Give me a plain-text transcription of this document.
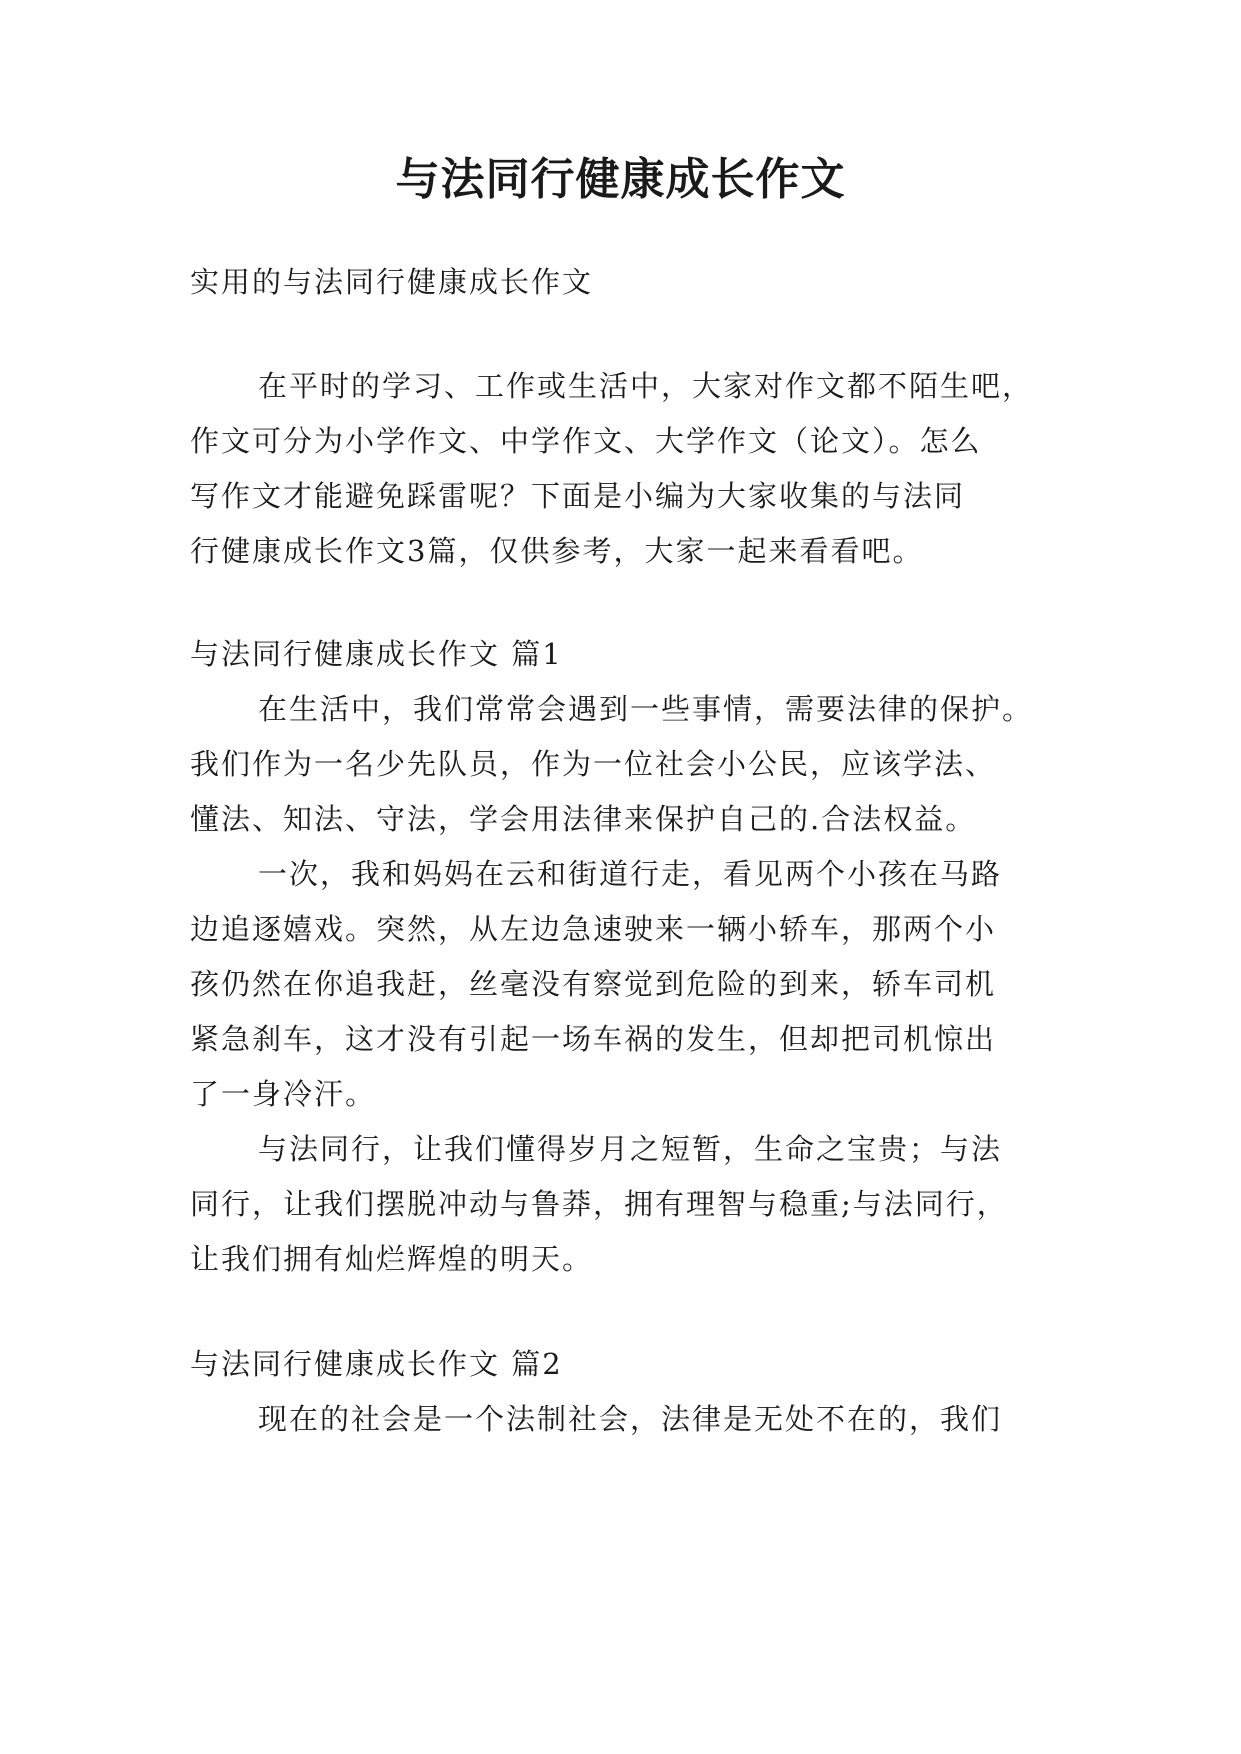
与法同行健康成长作文
实用的与法同行健康成长作文
在平时的学习、工作或生活中，大家对作文都不陌生吧，
作文可分为小学作文、中学作文、大学作文（论文）。怎么
写作文才能避免踩雷呢？下面是小编为大家收集的与法同
行健康成长作文3篇，仅供参考，大家一起来看看吧。
与法同行健康成长作文 篇1
在生活中，我们常常会遇到一些事情，需要法律的保护。
我们作为一名少先队员，作为一位社会小公民，应该学法、
懂法、知法、守法，学会用法律来保护自己的.合法权益。
一次，我和妈妈在云和街道行走，看见两个小孩在马路
边追逐嬉戏。突然，从左边急速驶来一辆小轿车，那两个小
孩仍然在你追我赶，丝毫没有察觉到危险的到来，轿车司机
紧急刹车，这才没有引起一场车祸的发生，但却把司机惊出
了一身冷汗。
与法同行，让我们懂得岁月之短暂，生命之宝贵；与法
同行，让我们摆脱冲动与鲁莽，拥有理智与稳重;与法同行，
让我们拥有灿烂辉煌的明天。
与法同行健康成长作文 篇2
现在的社会是一个法制社会，法律是无处不在的，我们
